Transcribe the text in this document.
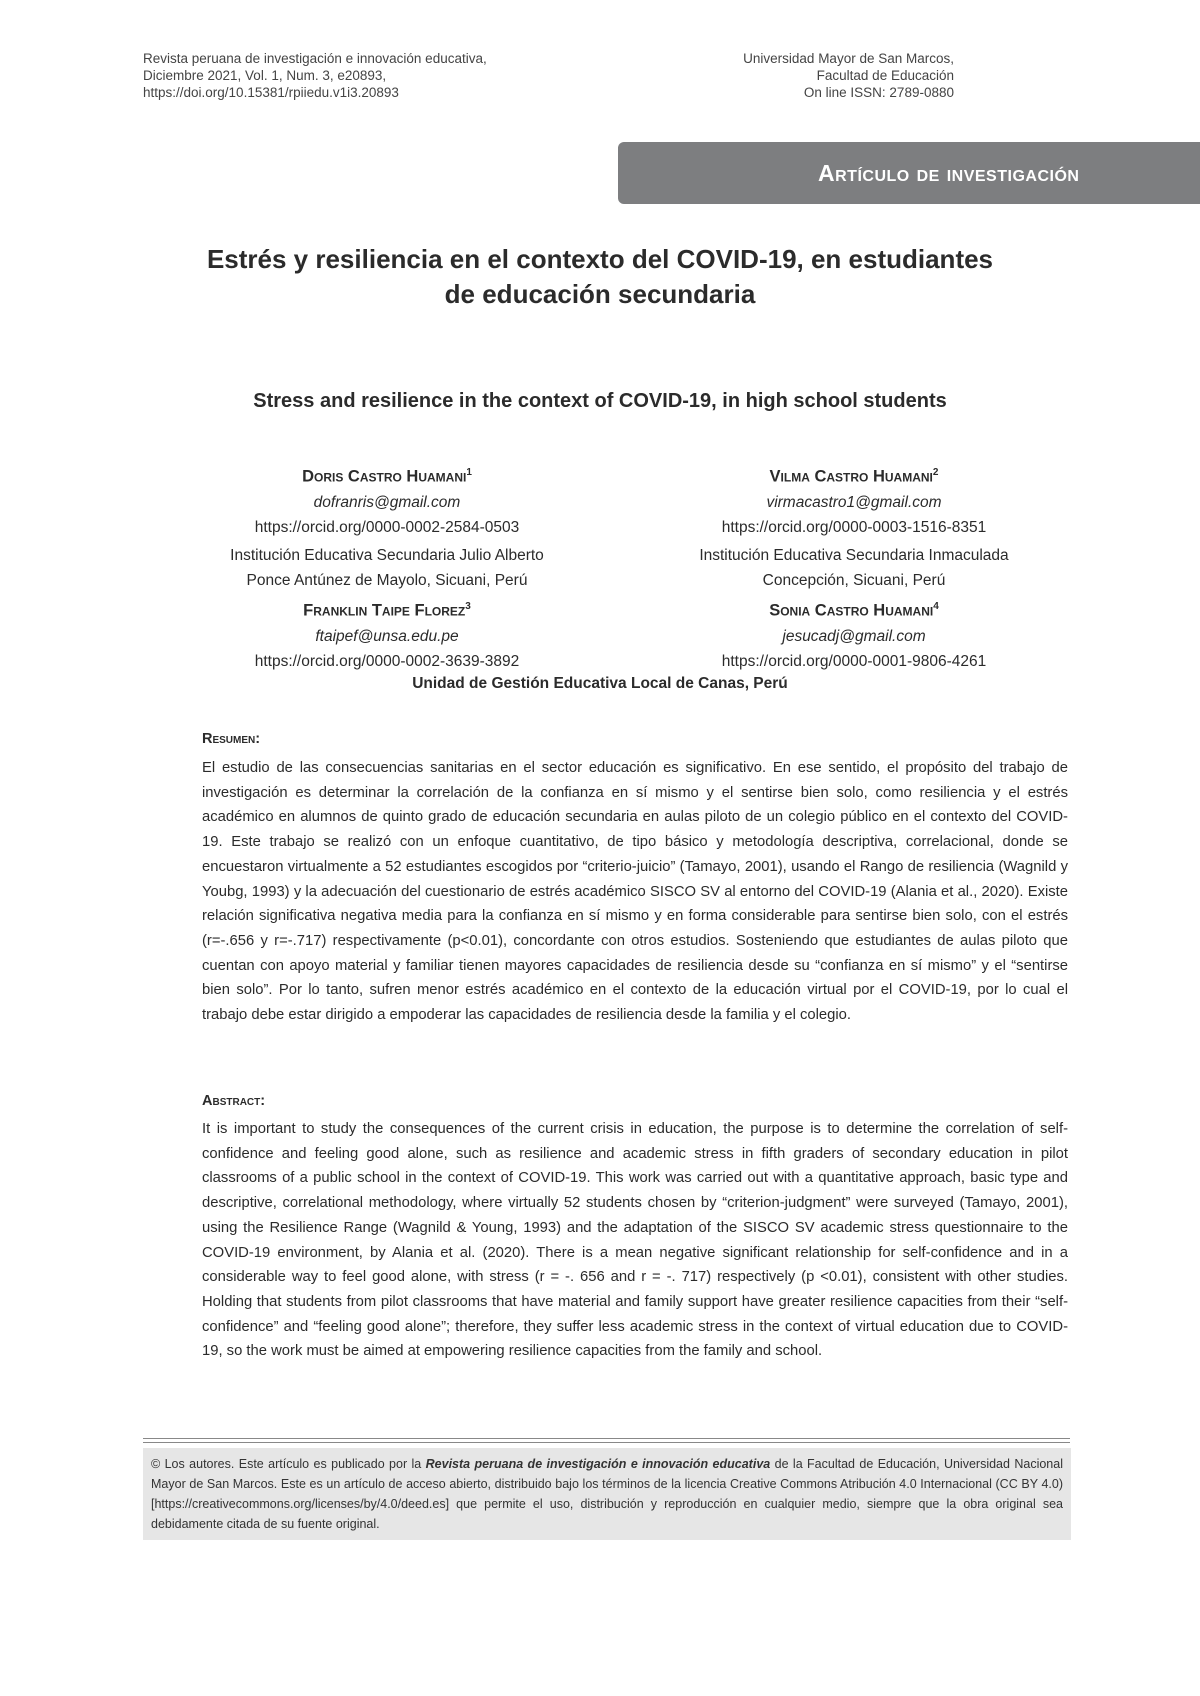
Revista peruana de investigación e innovación educativa,
Diciembre 2021, Vol. 1, Num. 3, e20893,
https://doi.org/10.15381/rpiiedu.v1i3.20893
Universidad Mayor de San Marcos,
Facultad de Educación
On line ISSN: 2789-0880
Artículo de investigación
Estrés y resiliencia en el contexto del COVID-19, en estudiantes
de educación secundaria
Stress and resilience in the context of COVID-19, in high school students
Doris Castro Huamani$^1$
dofranris@gmail.com
https://orcid.org/0000-0002-2584-0503
Institución Educativa Secundaria Julio Alberto
Ponce Antúnez de Mayolo, Sicuani, Perú
Vilma Castro Huamani$^2$
virmacastro1@gmail.com
https://orcid.org/0000-0003-1516-8351
Institución Educativa Secundaria Inmaculada
Concepción, Sicuani, Perú
Franklin Taipe Florez$^3$
ftaipef@unsa.edu.pe
https://orcid.org/0000-0002-3639-3892
Sonia Castro Huamani$^4$
jesucadj@gmail.com
https://orcid.org/0000-0001-9806-4261
Unidad de Gestión Educativa Local de Canas, Perú
Resumen:
El estudio de las consecuencias sanitarias en el sector educación es significativo. En ese sentido, el propósito del trabajo de investigación es determinar la correlación de la confianza en sí mismo y el sentirse bien solo, como resiliencia y el estrés académico en alumnos de quinto grado de educación secundaria en aulas piloto de un colegio público en el contexto del COVID-19. Este trabajo se realizó con un enfoque cuantitativo, de tipo básico y metodología descriptiva, correlacional, donde se encuestaron virtualmente a 52 estudiantes escogidos por “criterio-juicio” (Tamayo, 2001), usando el Rango de resiliencia (Wagnild y Youbg, 1993) y la adecuación del cuestionario de estrés académico SISCO SV al entorno del COVID-19 (Alania et al., 2020). Existe relación significativa negativa media para la confianza en sí mismo y en forma considerable para sentirse bien solo, con el estrés (r=-.656 y r=-.717) respectivamente (p<0.01), concordante con otros estudios. Sosteniendo que estudiantes de aulas piloto que cuentan con apoyo material y familiar tienen mayores capacidades de resiliencia desde su “confianza en sí mismo” y el “sentirse bien solo”. Por lo tanto, sufren menor estrés académico en el contexto de la educación virtual por el COVID-19, por lo cual el trabajo debe estar dirigido a empoderar las capacidades de resiliencia desde la familia y el colegio.
Abstract:
It is important to study the consequences of the current crisis in education, the purpose is to determine the correlation of self-confidence and feeling good alone, such as resilience and academic stress in fifth graders of secondary education in pilot classrooms of a public school in the context of COVID-19. This work was carried out with a quantitative approach, basic type and descriptive, correlational methodology, where virtually 52 students chosen by “criterion-judgment” were surveyed (Tamayo, 2001), using the Resilience Range (Wagnild & Young, 1993) and the adaptation of the SISCO SV academic stress questionnaire to the COVID-19 environment, by Alania et al. (2020). There is a mean negative significant relationship for self-confidence and in a considerable way to feel good alone, with stress (r = -. 656 and r = -. 717) respectively (p <0.01), consistent with other studies. Holding that students from pilot classrooms that have material and family support have greater resilience capacities from their “self-confidence” and “feeling good alone”; therefore, they suffer less academic stress in the context of virtual education due to COVID-19, so the work must be aimed at empowering resilience capacities from the family and school.
© Los autores. Este artículo es publicado por la Revista peruana de investigación e innovación educativa de la Facultad de Educación, Universidad Nacional Mayor de San Marcos. Este es un artículo de acceso abierto, distribuido bajo los términos de la licencia Creative Commons Atribución 4.0 Internacional (CC BY 4.0) [https://creativecommons.org/licenses/by/4.0/deed.es] que permite el uso, distribución y reproducción en cualquier medio, siempre que la obra original sea debidamente citada de su fuente original.
